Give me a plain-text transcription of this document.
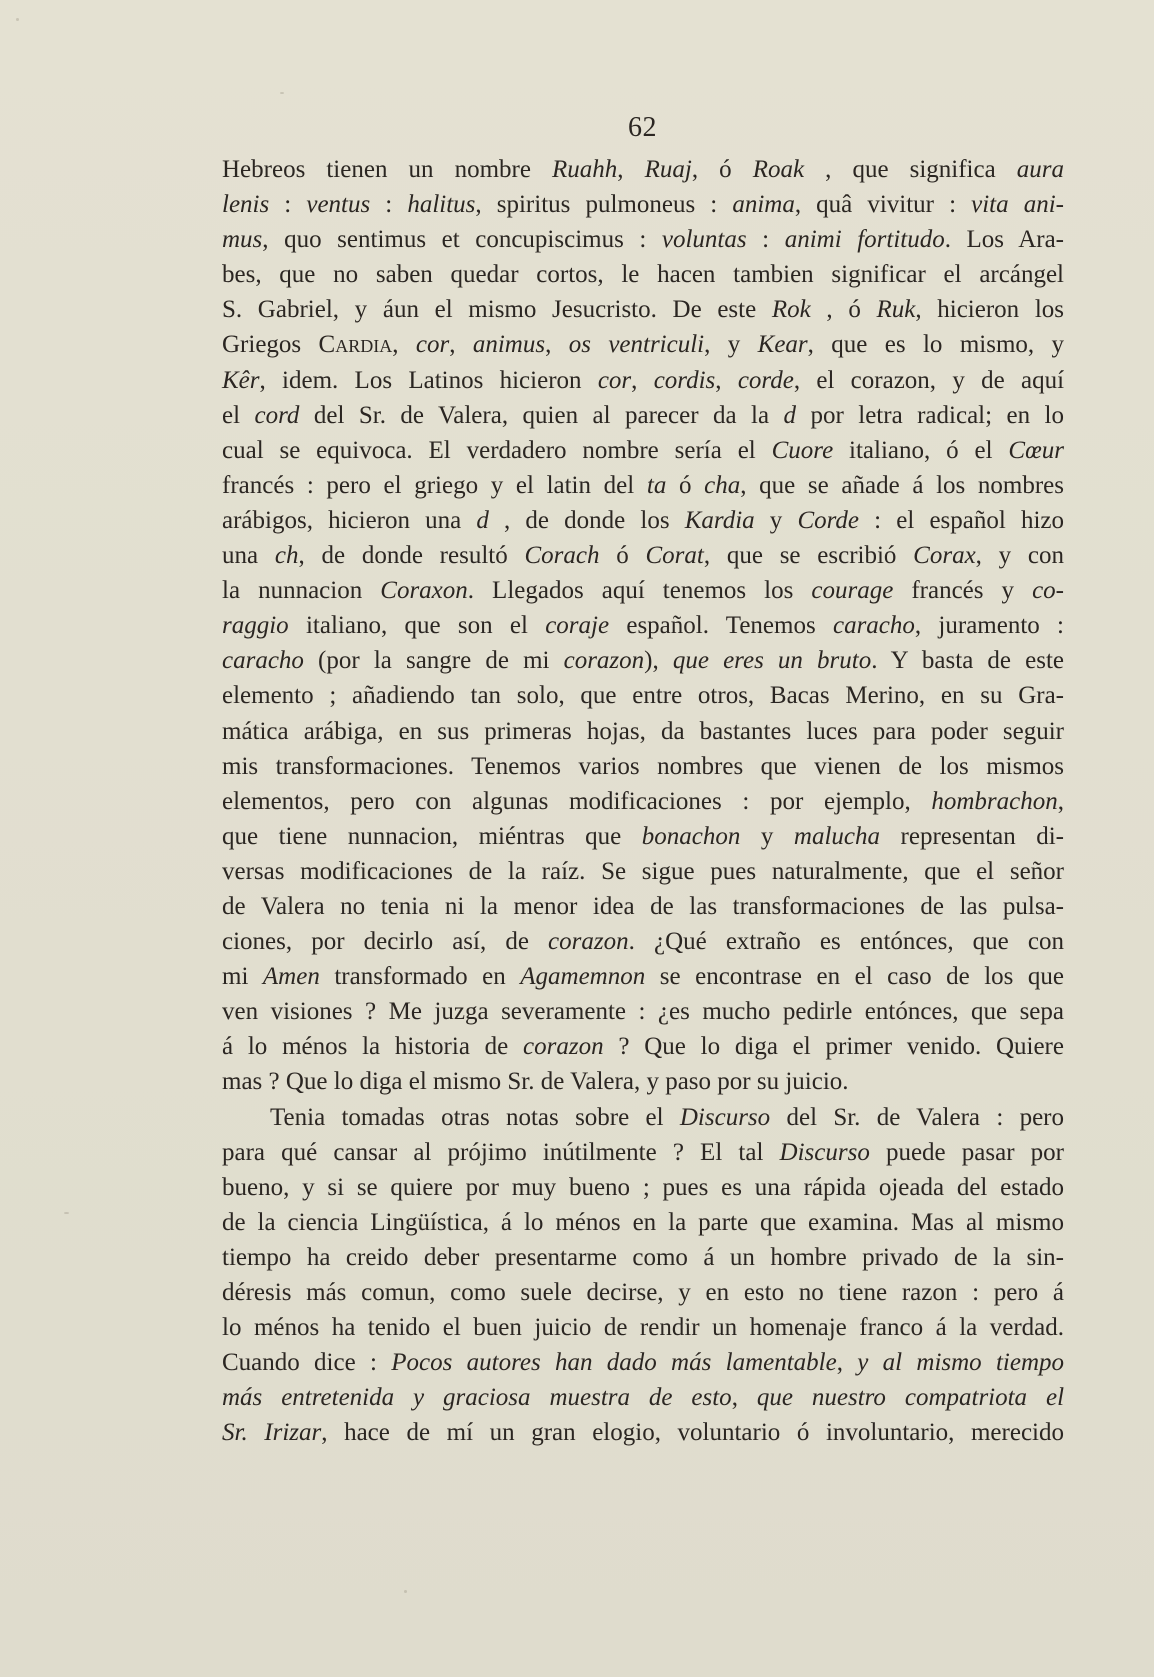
62
Hebreos tienen un nombre Ruahh, Ruaj, ó Roak , que significa aura
lenis : ventus : halitus, spiritus pulmoneus : anima, quâ vivitur : vita ani-
mus, quo sentimus et concupiscimus : voluntas : animi fortitudo. Los Ara-
bes, que no saben quedar cortos, le hacen tambien significar el arcángel
S. Gabriel, y áun el mismo Jesucristo. De este Rok , ó Ruk, hicieron los
Griegos Cardia, cor, animus, os ventriculi, y Kear, que es lo mismo, y
Kêr, idem. Los Latinos hicieron cor, cordis, corde, el corazon, y de aquí
el cord del Sr. de Valera, quien al parecer da la d por letra radical; en lo
cual se equivoca. El verdadero nombre sería el Cuore italiano, ó el Cœur
francés : pero el griego y el latin del ta ó cha, que se añade á los nombres
arábigos, hicieron una d , de donde los Kardia y Corde : el español hizo
una ch, de donde resultó Corach ó Corat, que se escribió Corax, y con
la nunnacion Coraxon. Llegados aquí tenemos los courage francés y co-
raggio italiano, que son el coraje español. Tenemos caracho, juramento :
caracho (por la sangre de mi corazon), que eres un bruto. Y basta de este
elemento ; añadiendo tan solo, que entre otros, Bacas Merino, en su Gra-
mática arábiga, en sus primeras hojas, da bastantes luces para poder seguir
mis transformaciones. Tenemos varios nombres que vienen de los mismos
elementos, pero con algunas modificaciones : por ejemplo, hombrachon,
que tiene nunnacion, miéntras que bonachon y malucha representan di-
versas modificaciones de la raíz. Se sigue pues naturalmente, que el señor
de Valera no tenia ni la menor idea de las transformaciones de las pulsa-
ciones, por decirlo así, de corazon. ¿Qué extraño es entónces, que con
mi Amen transformado en Agamemnon se encontrase en el caso de los que
ven visiones ? Me juzga severamente : ¿es mucho pedirle entónces, que sepa
á lo ménos la historia de corazon ? Que lo diga el primer venido. Quiere
mas ? Que lo diga el mismo Sr. de Valera, y paso por su juicio.
Tenia tomadas otras notas sobre el Discurso del Sr. de Valera : pero
para qué cansar al prójimo inútilmente ? El tal Discurso puede pasar por
bueno, y si se quiere por muy bueno ; pues es una rápida ojeada del estado
de la ciencia Lingüística, á lo ménos en la parte que examina. Mas al mismo
tiempo ha creido deber presentarme como á un hombre privado de la sin-
déresis más comun, como suele decirse, y en esto no tiene razon : pero á
lo ménos ha tenido el buen juicio de rendir un homenaje franco á la verdad.
Cuando dice : Pocos autores han dado más lamentable, y al mismo tiempo
más entretenida y graciosa muestra de esto, que nuestro compatriota el
Sr. Irizar, hace de mí un gran elogio, voluntario ó involuntario, merecido
